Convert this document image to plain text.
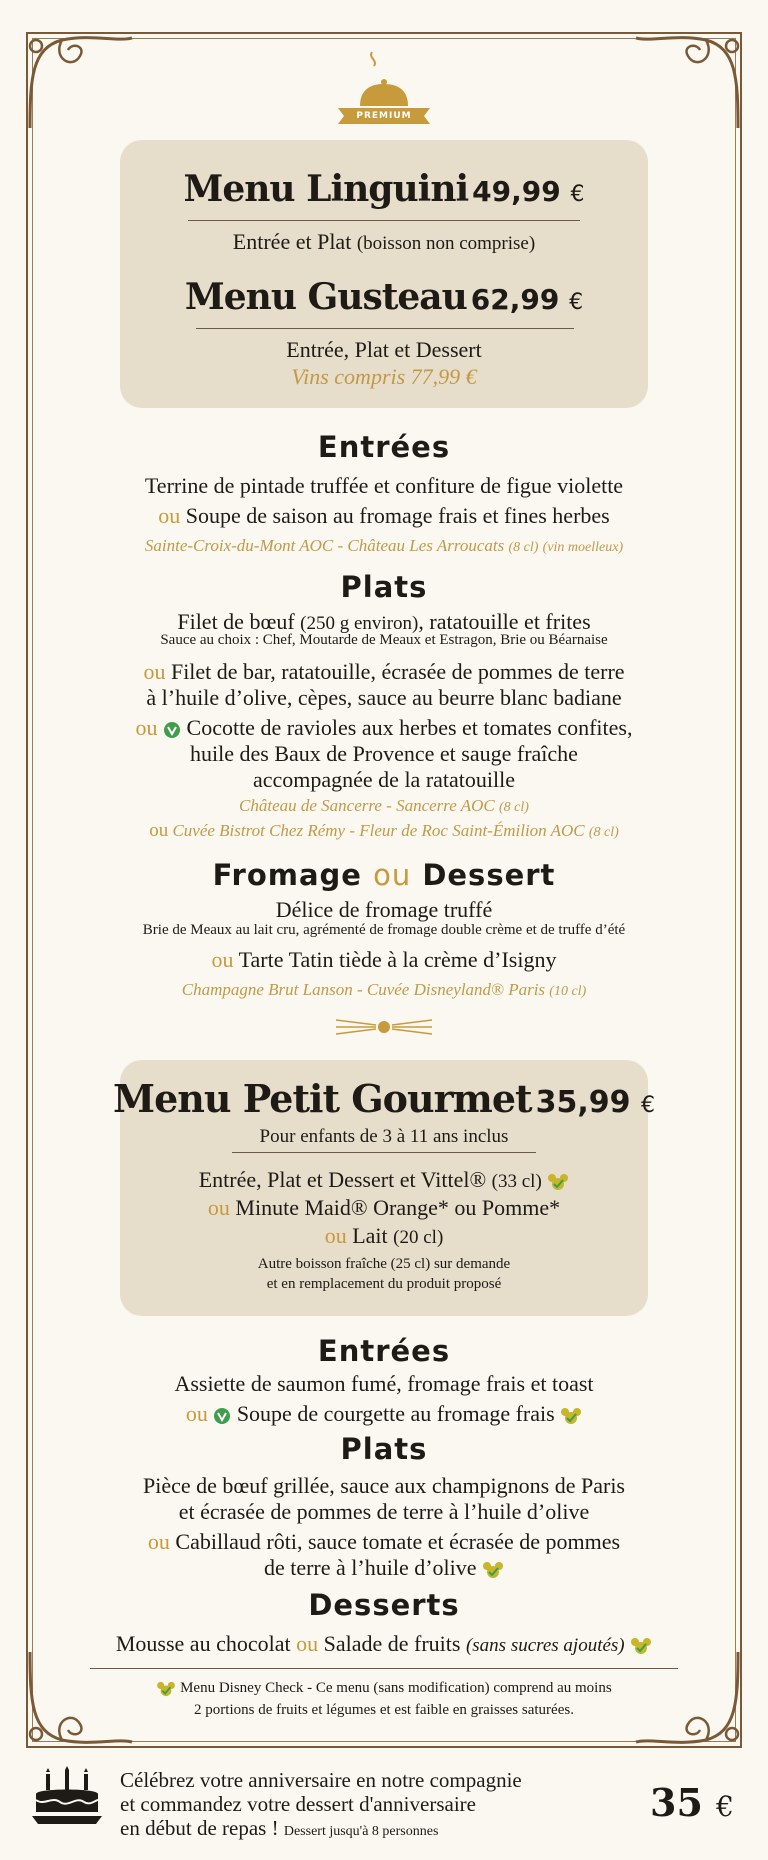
PREMIUM
Menu Linguini 49,99 €
Entrée et Plat (boisson non comprise)
Menu Gusteau 62,99 €
Entrée, Plat et Dessert
Vins compris 77,99 €
Entrées
Terrine de pintade truffée et confiture de figue violette
ou Soupe de saison au fromage frais et fines herbes
Sainte-Croix-du-Mont AOC - Château Les Arroucats (8 cl) (vin moelleux)
Plats
Filet de bœuf (250 g environ), ratatouille et frites
Sauce au choix : Chef, Moutarde de Meaux et Estragon, Brie ou Béarnaise
ou Filet de bar, ratatouille, écrasée de pommes de terre
à l’huile d’olive, cèpes, sauce au beurre blanc badiane
ou Cocotte de ravioles aux herbes et tomates confites,
huile des Baux de Provence et sauge fraîche
accompagnée de la ratatouille
Château de Sancerre - Sancerre AOC (8 cl)
ou Cuvée Bistrot Chez Rémy - Fleur de Roc Saint-Émilion AOC (8 cl)
Fromage ou Dessert
Délice de fromage truffé
Brie de Meaux au lait cru, agrémenté de fromage double crème et de truffe d’été
ou Tarte Tatin tiède à la crème d’Isigny
Champagne Brut Lanson - Cuvée Disneyland® Paris (10 cl)
Menu Petit Gourmet 35,99 €
Pour enfants de 3 à 11 ans inclus
Entrée, Plat et Dessert et Vittel® (33 cl)
ou Minute Maid® Orange* ou Pomme*
ou Lait (20 cl)
Autre boisson fraîche (25 cl) sur demande
et en remplacement du produit proposé
Entrées
Assiette de saumon fumé, fromage frais et toast
ou Soupe de courgette au fromage frais
Plats
Pièce de bœuf grillée, sauce aux champignons de Paris
et écrasée de pommes de terre à l’huile d’olive
ou Cabillaud rôti, sauce tomate et écrasée de pommes
de terre à l’huile d’olive
Desserts
Mousse au chocolat ou Salade de fruits (sans sucres ajoutés)
Menu Disney Check - Ce menu (sans modification) comprend au moins
2 portions de fruits et légumes et est faible en graisses saturées.
Célébrez votre anniversaire en notre compagnie
et commandez votre dessert d'anniversaire
en début de repas ! Dessert jusqu'à 8 personnes
35 €
